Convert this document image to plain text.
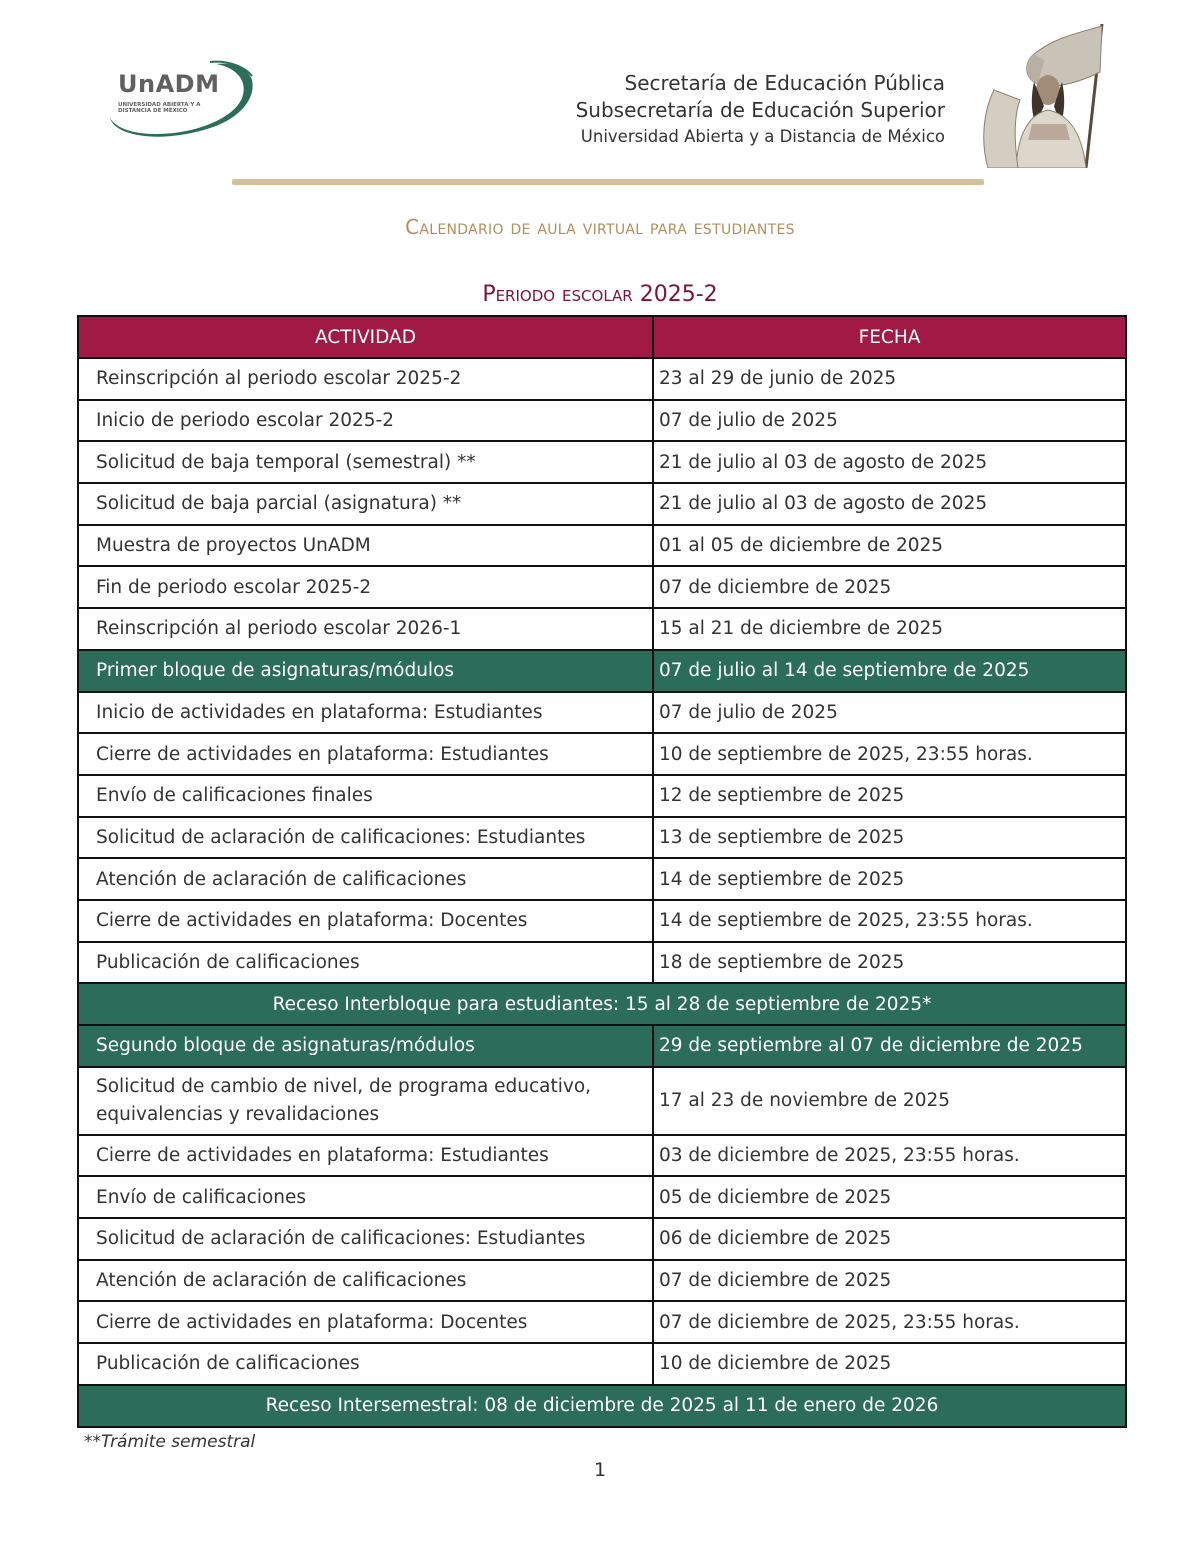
UnADM
UNIVERSIDAD ABIERTA Y A DISTANCIA DE MÉXICO
Secretaría de Educación Pública
Subsecretaría de Educación Superior
Universidad Abierta y a Distancia de México
Calendario de aula virtual para estudiantes
Periodo escolar 2025-2
ACTIVIDAD	FECHA
Reinscripción al periodo escolar 2025-2	23 al 29 de junio de 2025
Inicio de periodo escolar 2025-2	07 de julio de 2025
Solicitud de baja temporal (semestral) **	21 de julio al 03 de agosto de 2025
Solicitud de baja parcial (asignatura) **	21 de julio al 03 de agosto de 2025
Muestra de proyectos UnADM	01 al 05 de diciembre de 2025
Fin de periodo escolar 2025-2	07 de diciembre de 2025
Reinscripción al periodo escolar 2026-1	15 al 21 de diciembre de 2025
Primer bloque de asignaturas/módulos	07 de julio al 14 de septiembre de 2025
Inicio de actividades en plataforma: Estudiantes	07 de julio de 2025
Cierre de actividades en plataforma: Estudiantes	10 de septiembre de 2025, 23:55 horas.
Envío de calificaciones finales	12 de septiembre de 2025
Solicitud de aclaración de calificaciones: Estudiantes	13 de septiembre de 2025
Atención de aclaración de calificaciones	14 de septiembre de 2025
Cierre de actividades en plataforma: Docentes	14 de septiembre de 2025, 23:55 horas.
Publicación de calificaciones	18 de septiembre de 2025
Receso Interbloque para estudiantes: 15 al 28 de septiembre de 2025*	
Segundo bloque de asignaturas/módulos	29 de septiembre al 07 de diciembre de 2025
Solicitud de cambio de nivel, de programa educativo, equivalencias y revalidaciones	17 al 23 de noviembre de 2025
Cierre de actividades en plataforma: Estudiantes	03 de diciembre de 2025, 23:55 horas.
Envío de calificaciones	05 de diciembre de 2025
Solicitud de aclaración de calificaciones: Estudiantes	06 de diciembre de 2025
Atención de aclaración de calificaciones	07 de diciembre de 2025
Cierre de actividades en plataforma: Docentes	07 de diciembre de 2025, 23:55 horas.
Publicación de calificaciones	10 de diciembre de 2025
Receso Intersemestral: 08 de diciembre de 2025 al 11 de enero de 2026	
**Trámite semestral
1
